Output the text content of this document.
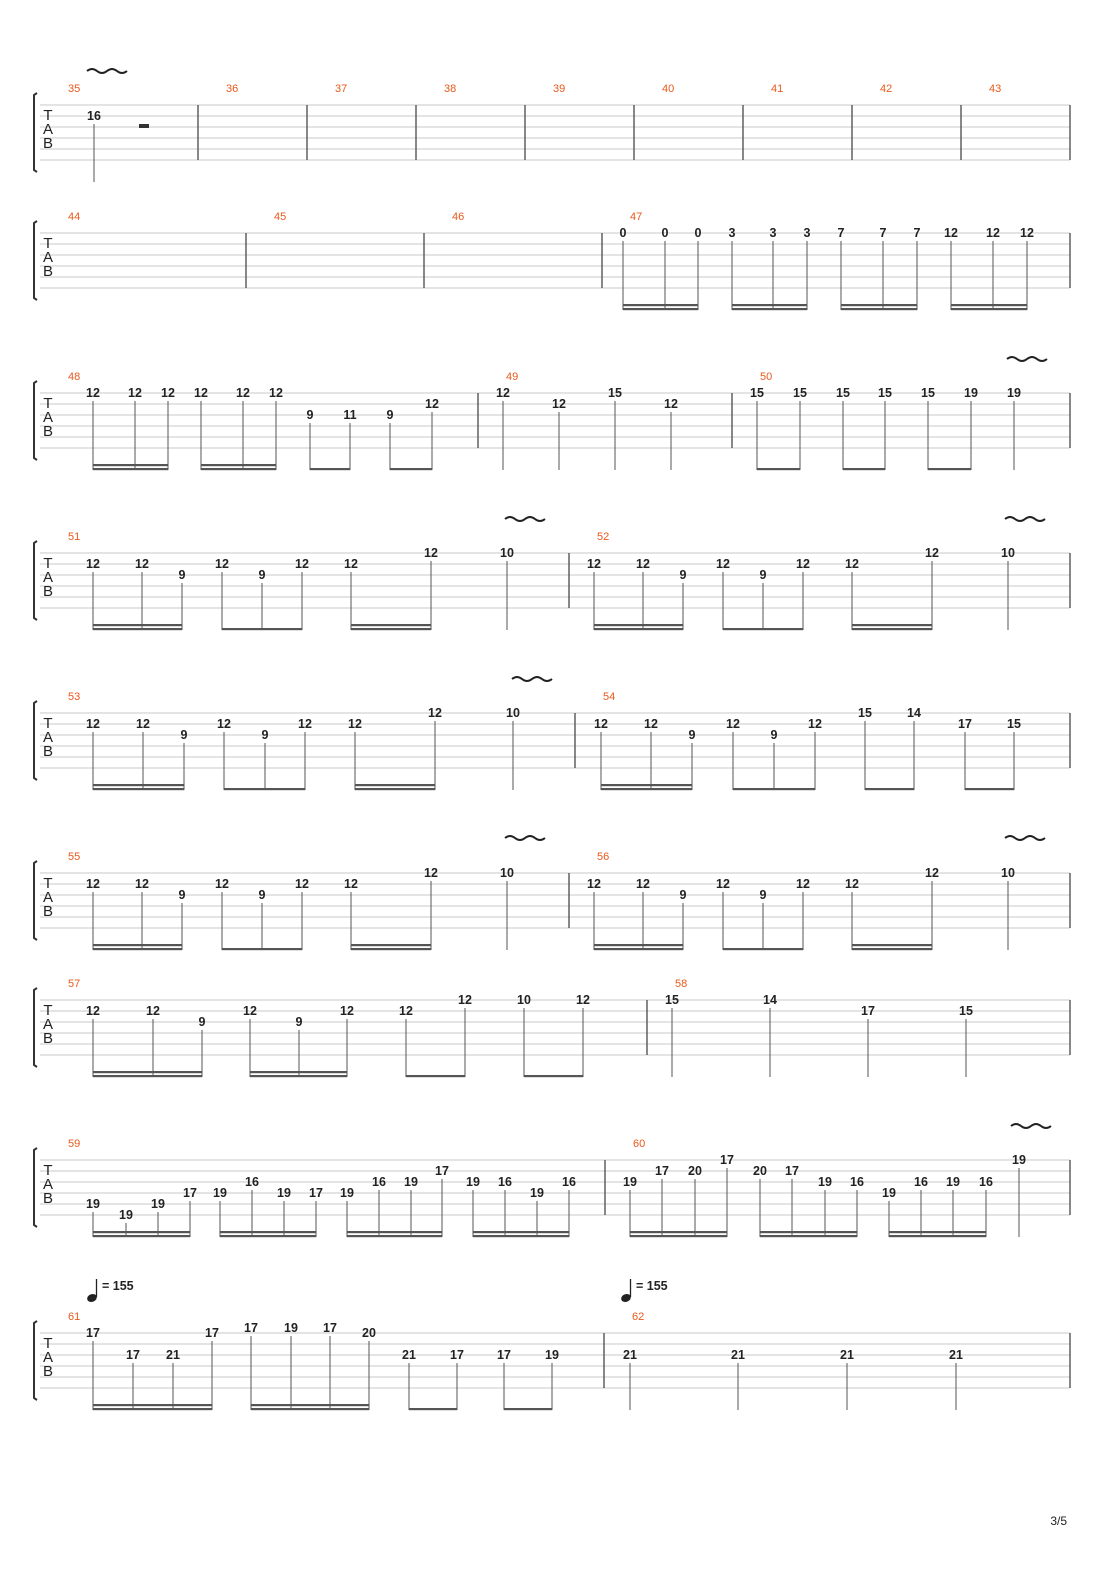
T
A
B
35
16
36	37	38	39	40	41	42	43
T
A
B
44	45	46	47
0	0 0 3	3 3 7	7 7 12 12 12
T
A
B
48
12 12 12 12 12 12
9 11 9
12
49
12
12
15
12
50
15 15 15 15 15 19 19
T
A
B
51
12	12
9
12
9
12	12
12	10
52
12	12
9
12
9
12	12
12	10
T
A
B
53
12	12
9
12
9
12	12
12	10
54
12	12
9
12
9
12
15	14
17	15
T
A
B
55
12	12
9
12
9
12	12
12	10
56
12	12
9
12
9
12	12
12	10
T
A
B
57
12	12
9
12
9
12	12
12	10	12
58
15	14
17	15
T
A
B
59
19
19
19
17 19
16
19 17 19
16 19
17
19 16
19
16
60
19
17 20
17
20 17
19 16
19
16 19 16
19
T
A
B
61
17
17 21
17 17 19 17 20
21	17	17	19
62
21	21	21	21
= 155	= 155
3/5
